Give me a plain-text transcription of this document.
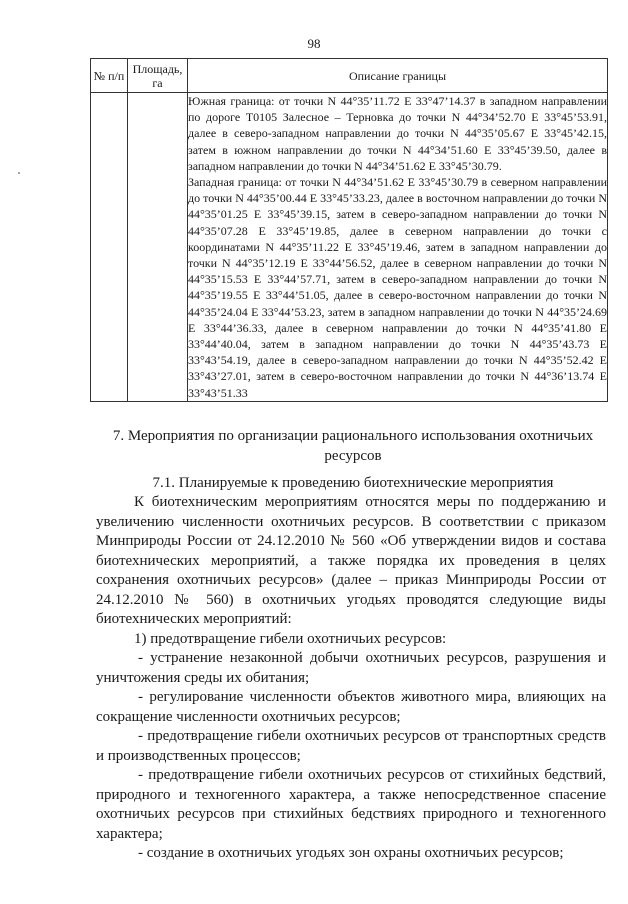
98
№ п/п	Площадь, га	Описание границы

		Южная граница: от точки N 44°35’11.72 E 33°47’14.37 в западном направлении по дороге Т0105 Залесное – Терновка до точки N 44°34’52.70 E 33°45’53.91, далее в северо-западном направлении до точки N 44°35’05.67 E 33°45’42.15, затем в южном направлении до точки N 44°34’51.60 E 33°45’39.50, далее в западном направлении до точки N 44°34’51.62 E 33°45’30.79.

Западная граница: от точки N 44°34’51.62 E 33°45’30.79 в северном направлении до точки N 44°35’00.44 E 33°45’33.23, далее в восточном направлении до точки N 44°35’01.25 E 33°45’39.15, затем в северо-западном направлении до точки N 44°35’07.28 E 33°45’19.85, далее в северном направлении до точки с координатами N 44°35’11.22 E 33°45’19.46, затем в западном направлении до точки N 44°35’12.19 E 33°44’56.52, далее в северном направлении до точки N 44°35’15.53 E 33°44’57.71, затем в северо-западном направлении до точки N 44°35’19.55 E 33°44’51.05, далее в северо-восточном направлении до точки N 44°35’24.04 E 33°44’53.23, затем в западном направлении до точки N 44°35’24.69 E 33°44’36.33, далее в северном направлении до точки N 44°35’41.80 E 33°44’40.04, затем в западном направлении до точки N 44°35’43.73 E 33°43’54.19, далее в северо-западном направлении до точки N 44°35’52.42 E 33°43’27.01, затем в северо-восточном направлении до точки N 44°36’13.74 E 33°43’51.33

7. Мероприятия по организации рационального использования охотничьих ресурсов
7.1. Планируемые к проведению биотехнические мероприятия

К биотехническим мероприятиям относятся меры по поддержанию и увеличению численности охотничьих ресурсов. В соответствии с приказом Минприроды России от 24.12.2010 № 560 «Об утверждении видов и состава биотехнических мероприятий, а также порядка их проведения в целях сохранения охотничьих ресурсов» (далее – приказ Минприроды России от 24.12.2010 № 560) в охотничьих угодьях проводятся следующие виды биотехнических мероприятий:

1) предотвращение гибели охотничьих ресурсов:

- устранение незаконной добычи охотничьих ресурсов, разрушения и уничтожения среды их обитания;

- регулирование численности объектов животного мира, влияющих на сокращение численности охотничьих ресурсов;

- предотвращение гибели охотничьих ресурсов от транспортных средств и производственных процессов;

- предотвращение гибели охотничьих ресурсов от стихийных бедствий, природного и техногенного характера, а также непосредственное спасение охотничьих ресурсов при стихийных бедствиях природного и техногенного характера;

- создание в охотничьих угодьях зон охраны охотничьих ресурсов;
